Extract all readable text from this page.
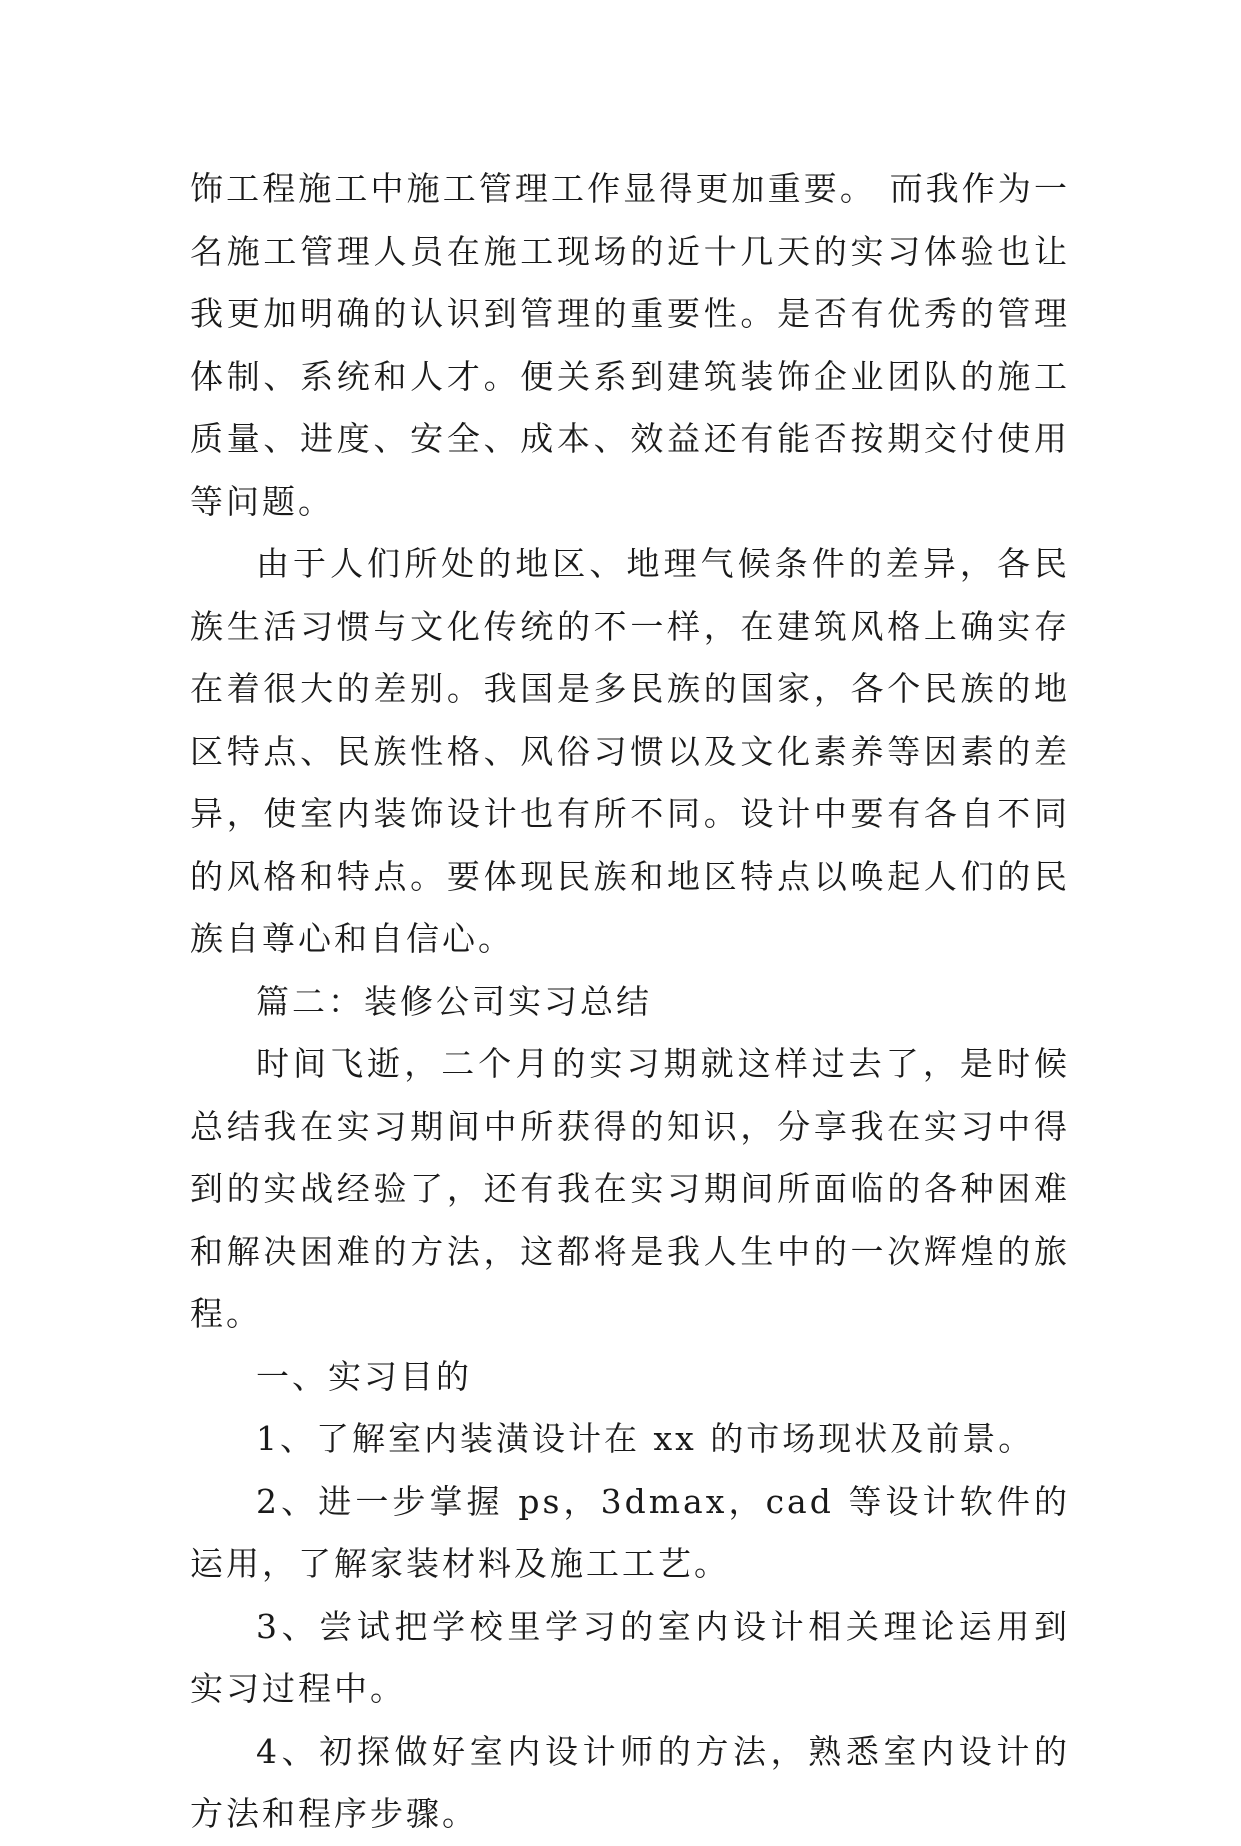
饰工程施工中施工管理工作显得更加重要。 而我作为一名施工管理人员在施工现场的近十几天的实习体验也让我更加明确的认识到管理的重要性。是否有优秀的管理体制、系统和人才。便关系到建筑装饰企业团队的施工质量、进度、安全、成本、效益还有能否按期交付使用等问题。

由于人们所处的地区、地理气候条件的差异，各民族生活习惯与文化传统的不一样，在建筑风格上确实存在着很大的差别。我国是多民族的国家，各个民族的地区特点、民族性格、风俗习惯以及文化素养等因素的差异，使室内装饰设计也有所不同。设计中要有各自不同的风格和特点。要体现民族和地区特点以唤起人们的民族自尊心和自信心。

篇二：装修公司实习总结

时间飞逝，二个月的实习期就这样过去了，是时候总结我在实习期间中所获得的知识，分享我在实习中得到的实战经验了，还有我在实习期间所面临的各种困难和解决困难的方法，这都将是我人生中的一次辉煌的旅程。

一、实习目的

1、了解室内装潢设计在 xx 的市场现状及前景。

2、进一步掌握 ps，3dmax，cad 等设计软件的运用，了解家装材料及施工工艺。

3、尝试把学校里学习的室内设计相关理论运用到实习过程中。

4、初探做好室内设计师的方法，熟悉室内设计的方法和程序步骤。
